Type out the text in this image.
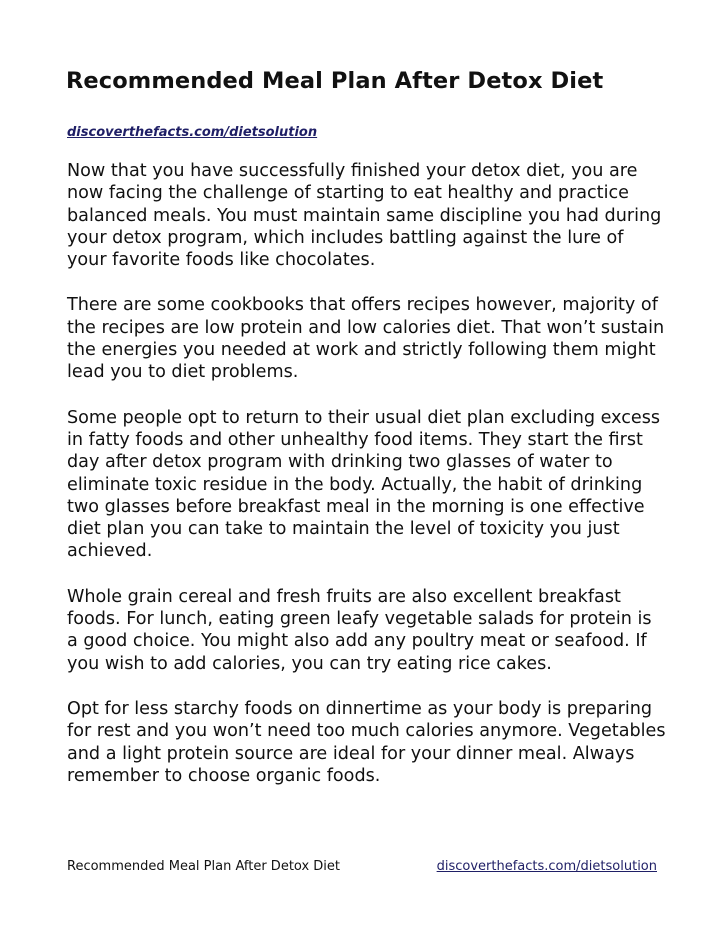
Recommended Meal Plan After Detox Diet
discoverthefacts.com/dietsolution

Now that you have successfully finished your detox diet, you are now facing the challenge of starting to eat healthy and practice balanced meals. You must maintain same discipline you had during your detox program, which includes battling against the lure of your favorite foods like chocolates.

There are some cookbooks that offers recipes however, majority of the recipes are low protein and low calories diet. That won’t sustain the energies you needed at work and strictly following them might lead you to diet problems.

Some people opt to return to their usual diet plan excluding excess in fatty foods and other unhealthy food items. They start the first day after detox program with drinking two glasses of water to eliminate toxic residue in the body. Actually, the habit of drinking two glasses before breakfast meal in the morning is one effective diet plan you can take to maintain the level of toxicity you just achieved.

Whole grain cereal and fresh fruits are also excellent breakfast foods. For lunch, eating green leafy vegetable salads for protein is a good choice. You might also add any poultry meat or seafood. If you wish to add calories, you can try eating rice cakes.

Opt for less starchy foods on dinnertime as your body is preparing for rest and you won’t need too much calories anymore. Vegetables and a light protein source are ideal for your dinner meal. Always remember to choose organic foods.

Recommended Meal Plan After Detox Diet	discoverthefacts.com/dietsolution
